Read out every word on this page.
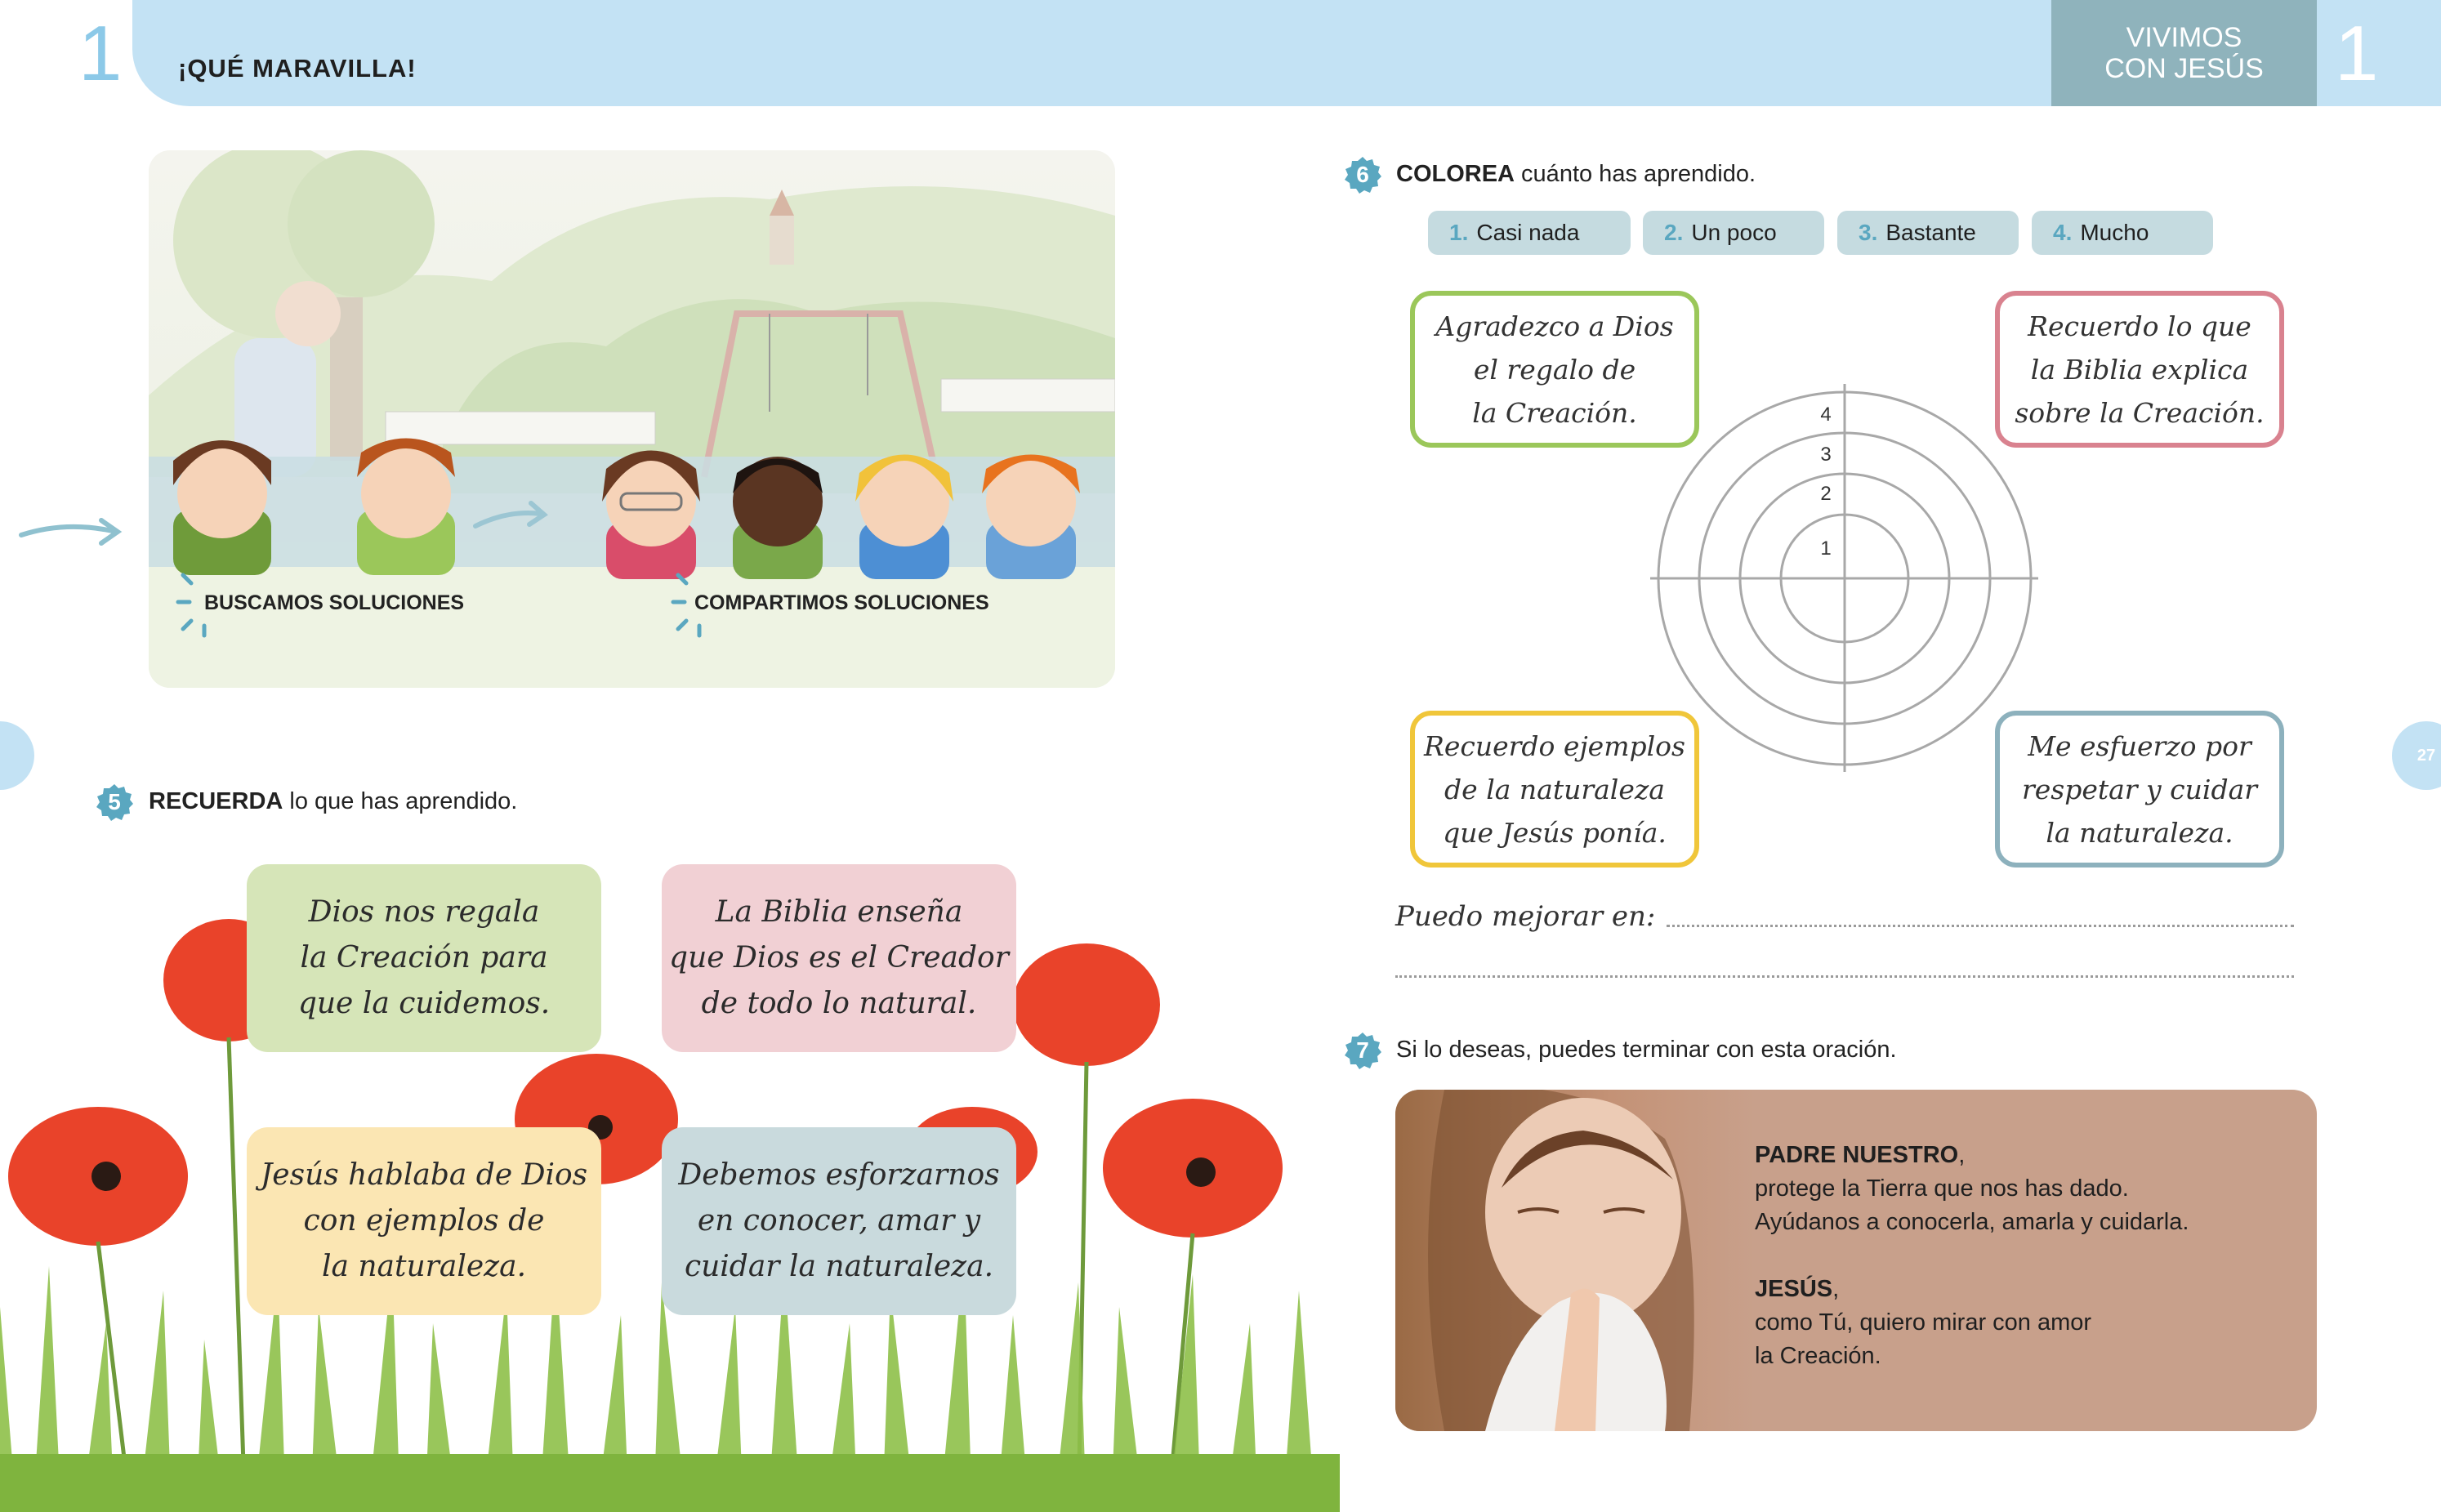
1 ¡QUÉ MARAVILLA!
VIVIMOS
CON JESÚS 1
27
BUSCAMOS SOLUCIONES	COMPARTIMOS SOLUCIONES
5 RECUERDA lo que has aprendido.
Dios nos regala
la Creación para
que la cuidemos.
La Biblia enseña
que Dios es el Creador
de todo lo natural.
Jesús hablaba de Dios
con ejemplos de
la naturaleza.
Debemos esforzarnos
en conocer, amar y
cuidar la naturaleza.
6 COLOREA cuánto has aprendido.
1. Casi nada	2. Un poco	3. Bastante	4. Mucho
1
2
3
4
Agradezco a Dios
el regalo de
la Creación.
Recuerdo lo que
la Biblia explica
sobre la Creación.
Recuerdo ejemplos
de la naturaleza
que Jesús ponía.
Me esfuerzo por
respetar y cuidar
la naturaleza.
Puedo mejorar en:
7 Si lo deseas, puedes terminar con esta oración.
PADRE NUESTRO,
protege la Tierra que nos has dado.
Ayúdanos a conocerla, amarla y cuidarla.
JESÚS,
como Tú, quiero mirar con amor
la Creación.
